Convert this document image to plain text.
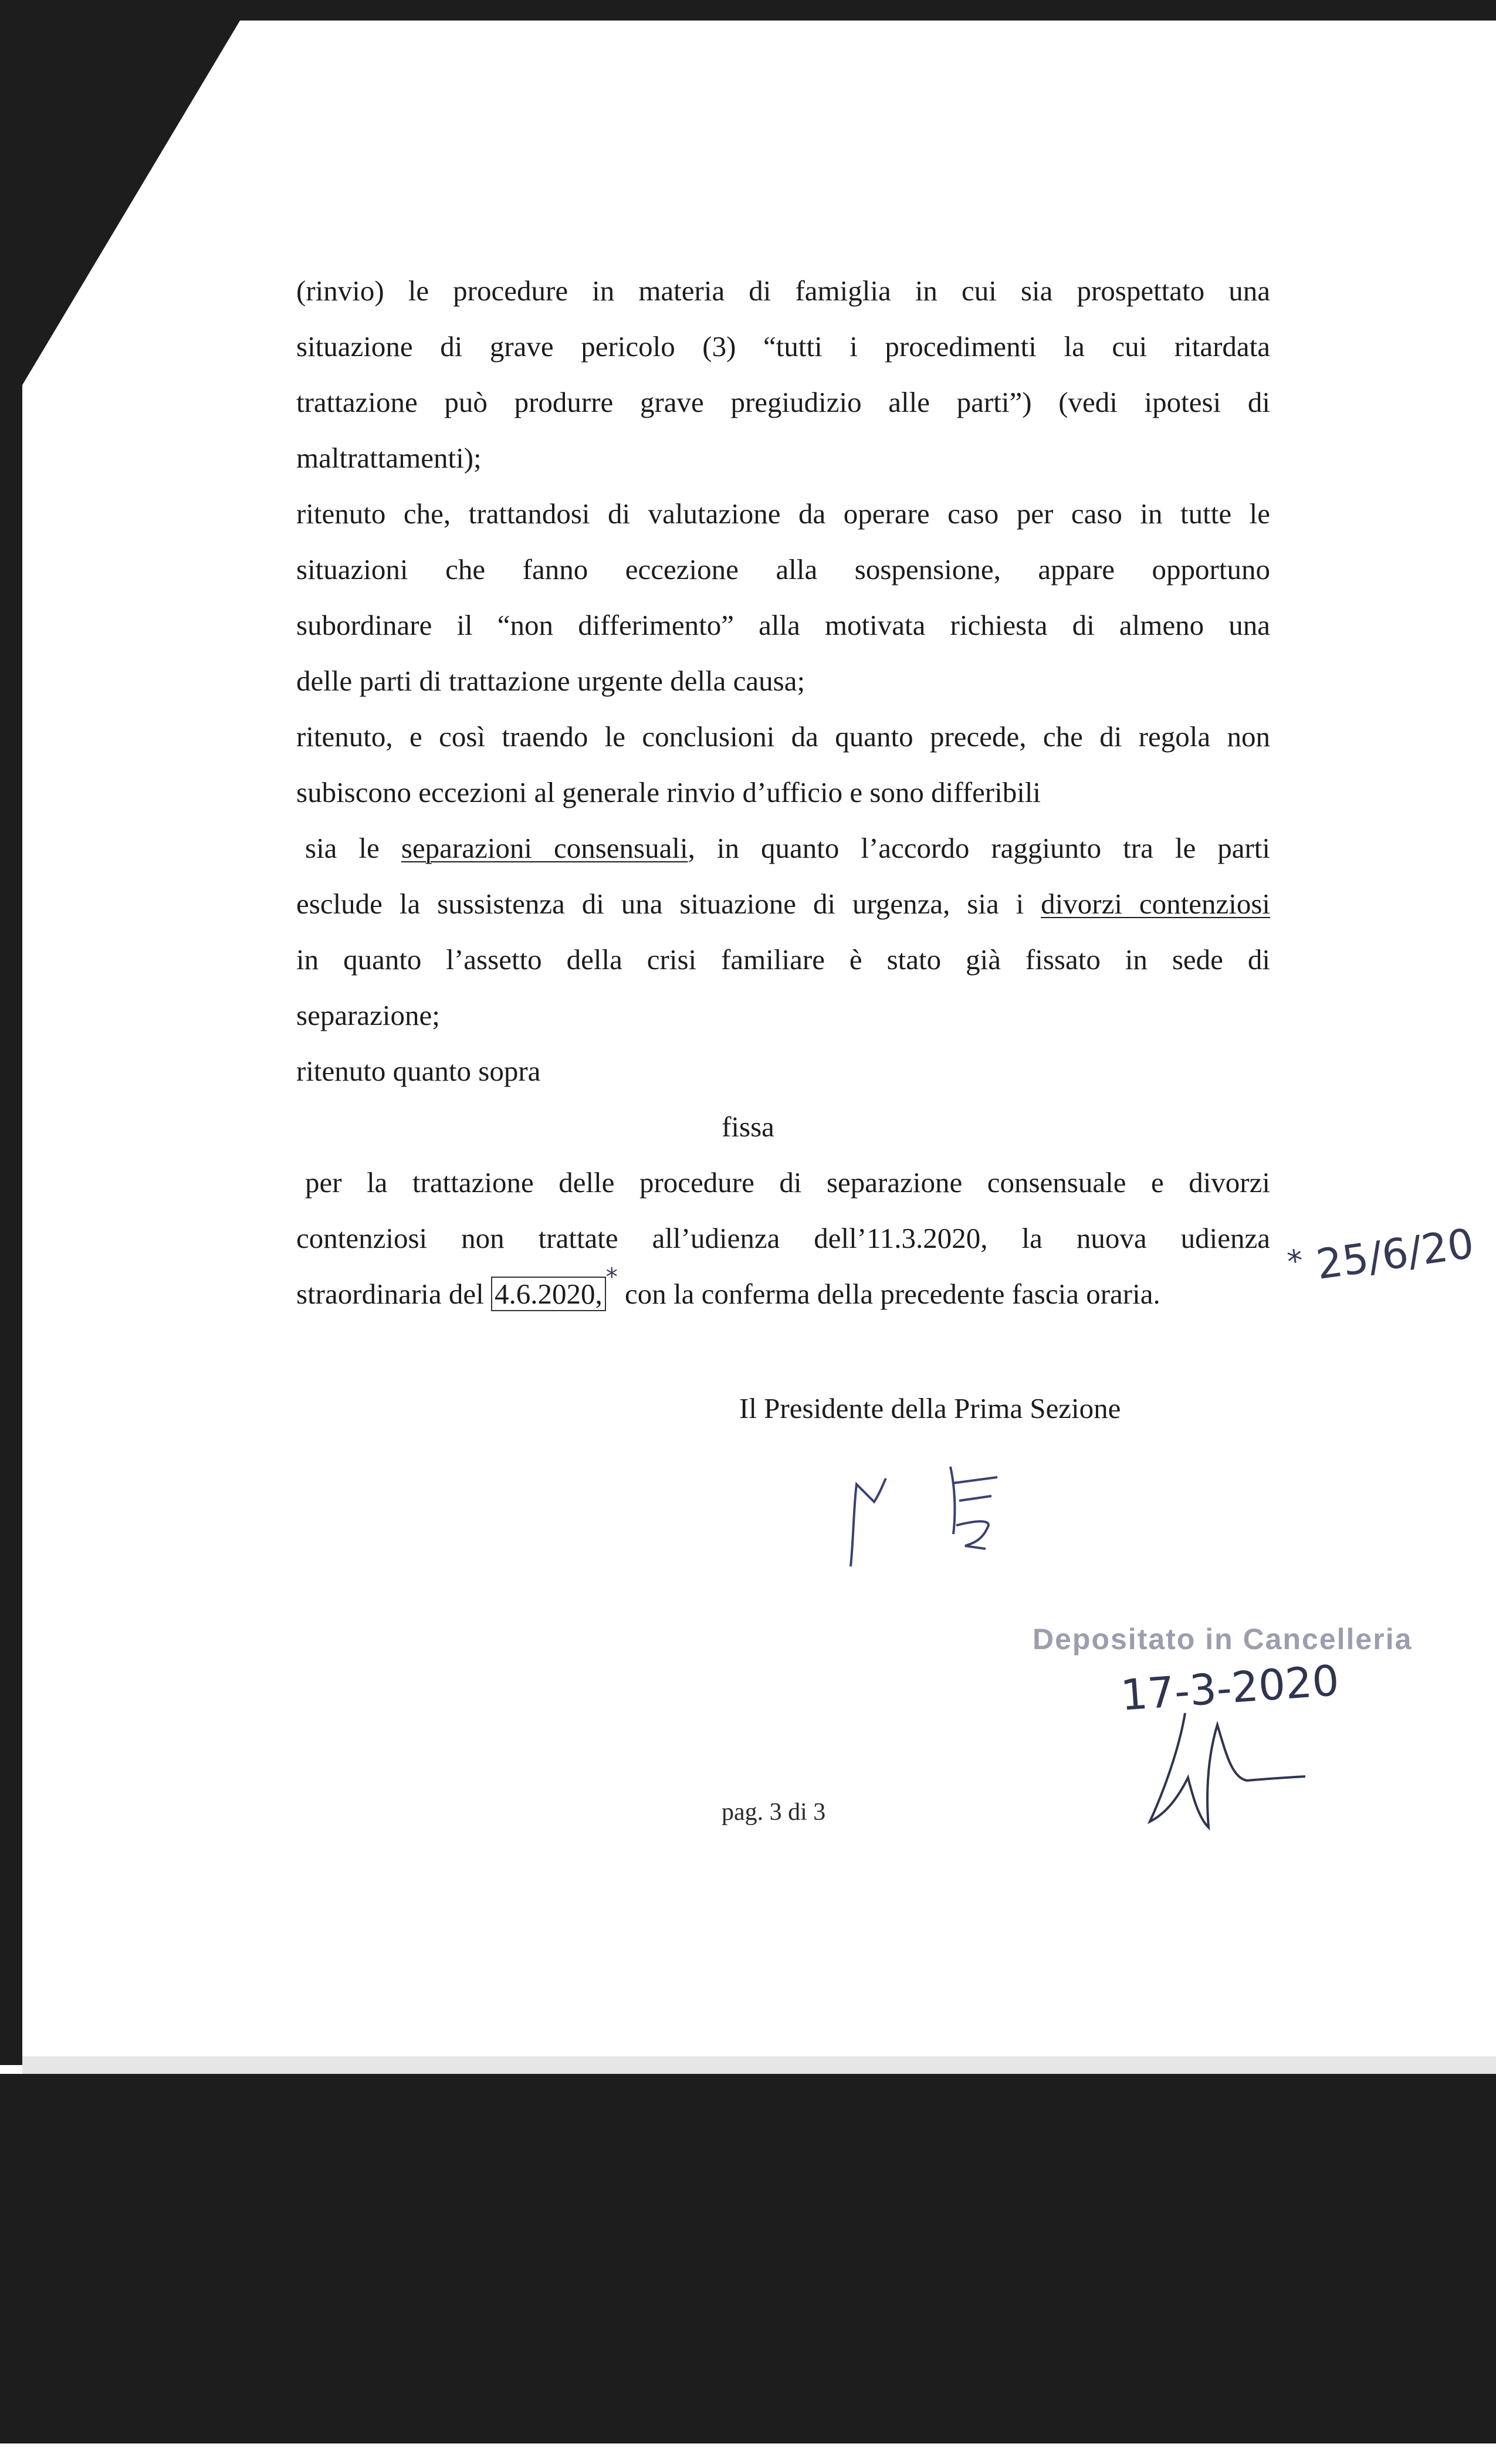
(rinvio) le procedure in materia di famiglia in cui sia prospettato una
situazione di grave pericolo (3) “tutti i procedimenti la cui ritardata
trattazione può produrre grave pregiudizio alle parti”) (vedi ipotesi di
maltrattamenti);
ritenuto che, trattandosi di valutazione da operare caso per caso in tutte le
situazioni che fanno eccezione alla sospensione, appare opportuno
subordinare il “non differimento” alla motivata richiesta di almeno una
delle parti di trattazione urgente della causa;
ritenuto, e così traendo le conclusioni da quanto precede, che di regola non
subiscono eccezioni al generale rinvio d’ufficio e sono differibili
sia le separazioni consensuali, in quanto l’accordo raggiunto tra le parti
esclude la sussistenza di una situazione di urgenza, sia i divorzi contenziosi
in quanto l’assetto della crisi familiare è stato già fissato in sede di
separazione;
ritenuto quanto sopra
fissa
per la trattazione delle procedure di separazione consensuale e divorzi
contenziosi non trattate all’udienza dell’11.3.2020, la nuova udienza
straordinaria del 4.6.2020,* con la conferma della precedente fascia oraria.
* 25/6/20
Il Presidente della Prima Sezione
Depositato in Cancelleria
17-3-2020
pag. 3 di 3
